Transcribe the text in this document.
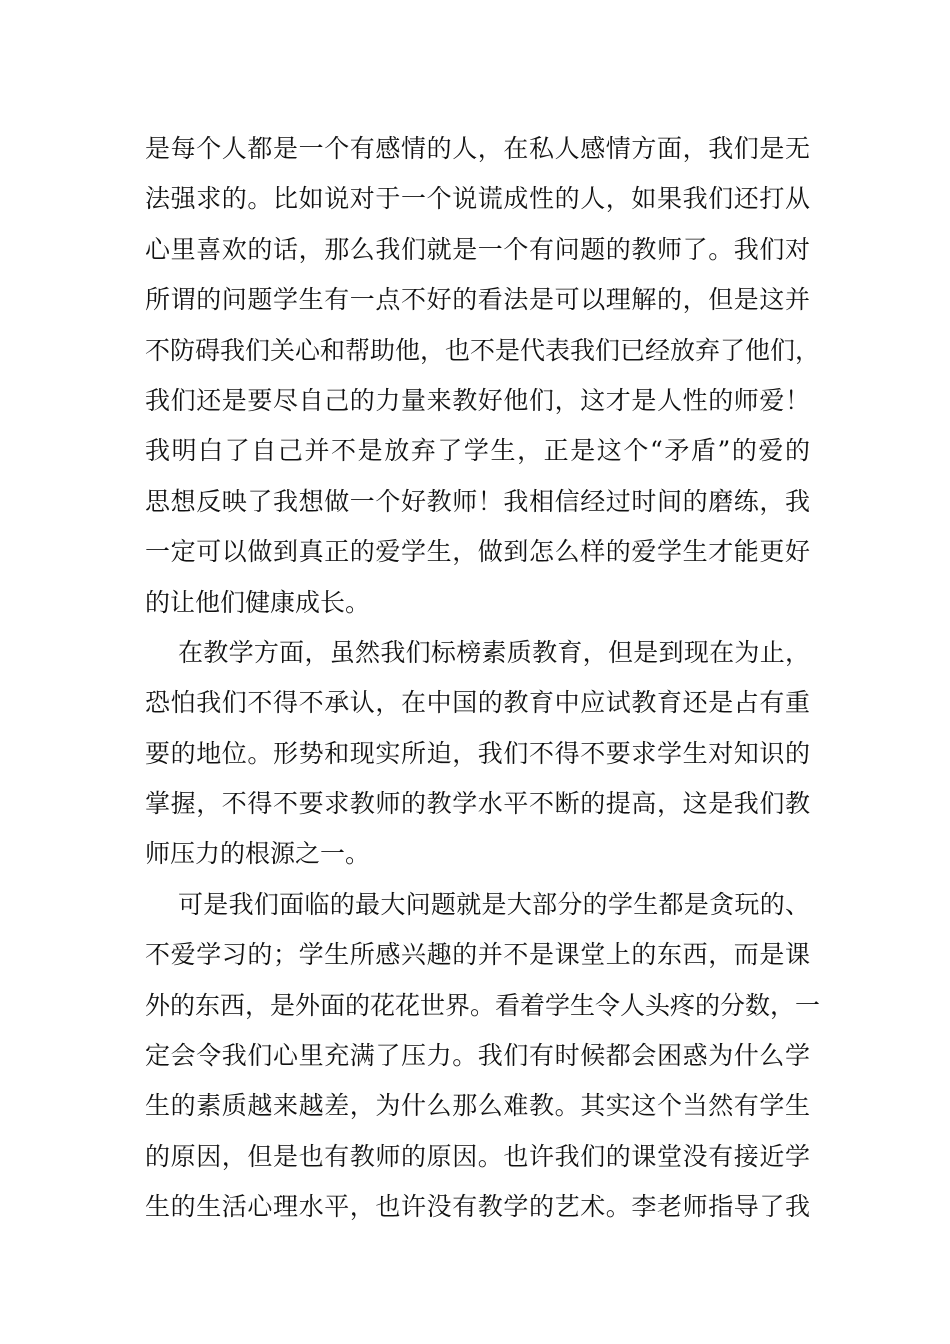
是每个人都是一个有感情的人，在私人感情方面，我们是无
法强求的。比如说对于一个说谎成性的人，如果我们还打从
心里喜欢的话，那么我们就是一个有问题的教师了。我们对
所谓的问题学生有一点不好的看法是可以理解的，但是这并
不防碍我们关心和帮助他，也不是代表我们已经放弃了他们，
我们还是要尽自己的力量来教好他们，这才是人性的师爱！
我明白了自己并不是放弃了学生，正是这个“矛盾”的爱的
思想反映了我想做一个好教师！我相信经过时间的磨练，我
一定可以做到真正的爱学生，做到怎么样的爱学生才能更好
的让他们健康成长。
在教学方面，虽然我们标榜素质教育，但是到现在为止，
恐怕我们不得不承认，在中国的教育中应试教育还是占有重
要的地位。形势和现实所迫，我们不得不要求学生对知识的
掌握，不得不要求教师的教学水平不断的提高，这是我们教
师压力的根源之一。
可是我们面临的最大问题就是大部分的学生都是贪玩的、
不爱学习的；学生所感兴趣的并不是课堂上的东西，而是课
外的东西，是外面的花花世界。看着学生令人头疼的分数，一
定会令我们心里充满了压力。我们有时候都会困惑为什么学
生的素质越来越差，为什么那么难教。其实这个当然有学生
的原因，但是也有教师的原因。也许我们的课堂没有接近学
生的生活心理水平，也许没有教学的艺术。李老师指导了我
